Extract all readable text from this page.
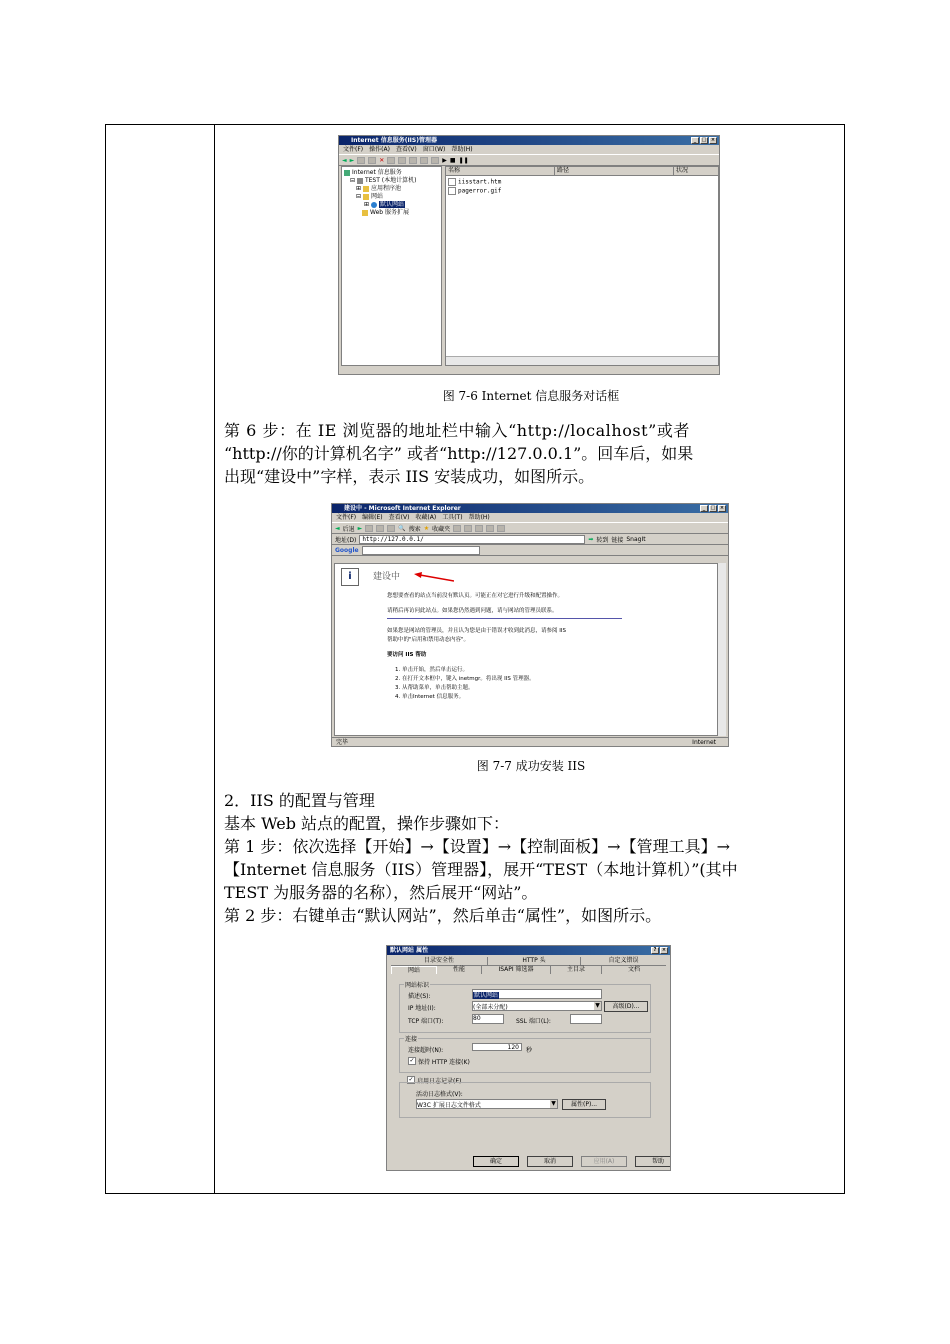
Internet 信息服务(IIS)管理器	_	□ ×
文件(F) 操作(A) 查看(V) 窗口(W) 帮助(H)
◄ ►	✕	▶ ■ ❚❚
Internet 信息服务
⊟ TEST (本地计算机)
⊞ 应用程序池
⊟ 网站
⊞ 默认网站
Web 服务扩展
名称	路径	状况
iisstart.htm
pagerror.gif
图 7-6 Internet 信息服务对话框
第 6 步：在 IE 浏览器的地址栏中输入“http://localhost”或者
“http://你的计算机名字” 或者“http://127.0.0.1”。回车后，如果
出现“建设中”字样，表示 IIS 安装成功，如图所示。
建设中 - Microsoft Internet Explorer	_	□ ×
文件(F) 编辑(E) 查看(V) 收藏(A) 工具(T) 帮助(H)
◄ 后退 ►	🔍 搜索 ★ 收藏夹
地址(D)	http://127.0.0.1/	➡ 转到 链接 SnagIt
Google
i	建设中
您想要查看的站点当前没有默认页。可能正在对它进行升级和配置操作。
请稍后再访问此站点。如果您仍然遇到问题，请与网站的管理员联系。
如果您是网站的管理员，并且认为您是由于错误才收到此消息，请参阅 IIS
帮助中的"启用和禁用动态内容"。
要访问 IIS 帮助
1. 单击开始，然后单击运行。
2. 在打开文本框中，键入 inetmgr。将出现 IIS 管理器。
3. 从帮助菜单，单击帮助主题。
4. 单击Internet 信息服务。
完毕	Internet
图 7-7 成功安装 IIS
2．IIS 的配置与管理
基本 Web 站点的配置，操作步骤如下：
第 1 步：依次选择【开始】→【设置】→【控制面板】→【管理工具】→
【Internet 信息服务（IIS）管理器】，展开“TEST（本地计算机）”(其中
TEST 为服务器的名称），然后展开“网站”。
第 2 步：右键单击“默认网站”，然后单击“属性”，如图所示。
默认网站 属性	?	×
目录安全性	HTTP 头	自定义错误
网站	性能	ISAPI 筛选器	主目录	文档
网站标识
描述(S):	默认网站
IP 地址(I):	(全部未分配)	▼	高级(D)...
TCP 端口(T):	80	SSL 端口(L):
连接
连接超时(N):	120	秒
✓ 保持 HTTP 连接(K)
✓ 启用日志记录(E)
活动日志格式(V):
W3C 扩展日志文件格式	▼	属性(P)...
确定	取消	应用(A)	帮助
